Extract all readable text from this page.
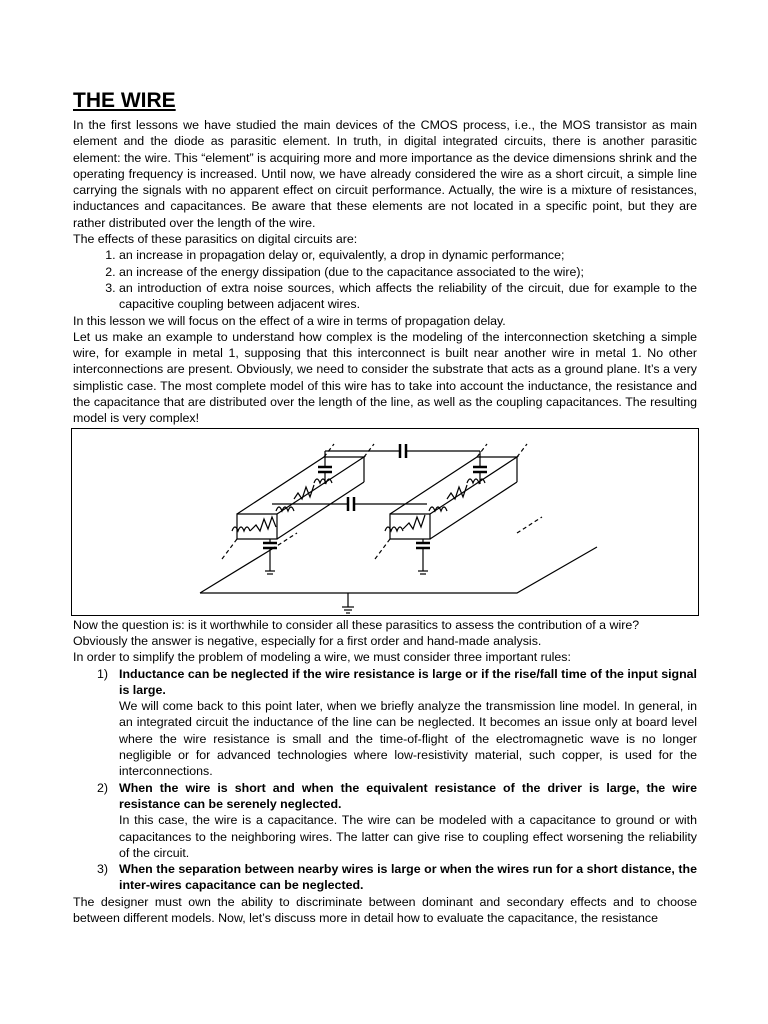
THE WIRE

In the first lessons we have studied the main devices of the CMOS process, i.e., the MOS transistor as main element and the diode as parasitic element. In truth, in digital integrated circuits, there is another parasitic element: the wire. This “element” is acquiring more and more importance as the device dimensions shrink and the operating frequency is increased. Until now, we have already considered the wire as a short circuit, a simple line carrying the signals with no apparent effect on circuit performance. Actually, the wire is a mixture of resistances, inductances and capacitances. Be aware that these elements are not located in a specific point, but they are rather distributed over the length of the wire.

The effects of these parasitics on digital circuits are:

1. an increase in propagation delay or, equivalently, a drop in dynamic performance;
2. an increase of the energy dissipation (due to the capacitance associated to the wire);
3. an introduction of extra noise sources, which affects the reliability of the circuit, due for example to the capacitive coupling between adjacent wires.

In this lesson we will focus on the effect of a wire in terms of propagation delay.

Let us make an example to understand how complex is the modeling of the interconnection sketching a simple wire, for example in metal 1, supposing that this interconnect is built near another wire in metal 1. No other interconnections are present. Obviously, we need to consider the substrate that acts as a ground plane. It’s a very simplistic case. The most complete model of this wire has to take into account the inductance, the resistance and the capacitance that are distributed over the length of the line, as well as the coupling capacitances. The resulting model is very complex!

Now the question is: is it worthwhile to consider all these parasitics to assess the contribution of a wire?

Obviously the answer is negative, especially for a first order and hand-made analysis.

In order to simplify the problem of modeling a wire, we must consider three important rules:

1) Inductance can be neglected if the wire resistance is large or if the rise/fall time of the input signal is large.
We will come back to this point later, when we briefly analyze the transmission line model. In general, in an integrated circuit the inductance of the line can be neglected. It becomes an issue only at board level where the wire resistance is small and the time-of-flight of the electromagnetic wave is no longer negligible or for advanced technologies where low-resistivity material, such copper, is used for the interconnections.
2) When the wire is short and when the equivalent resistance of the driver is large, the wire resistance can be serenely neglected.
In this case, the wire is a capacitance. The wire can be modeled with a capacitance to ground or with capacitances to the neighboring wires. The latter can give rise to coupling effect worsening the reliability of the circuit.
3) When the separation between nearby wires is large or when the wires run for a short distance, the inter-wires capacitance can be neglected.

The designer must own the ability to discriminate between dominant and secondary effects and to choose between different models. Now, let’s discuss more in detail how to evaluate the capacitance, the resistance
